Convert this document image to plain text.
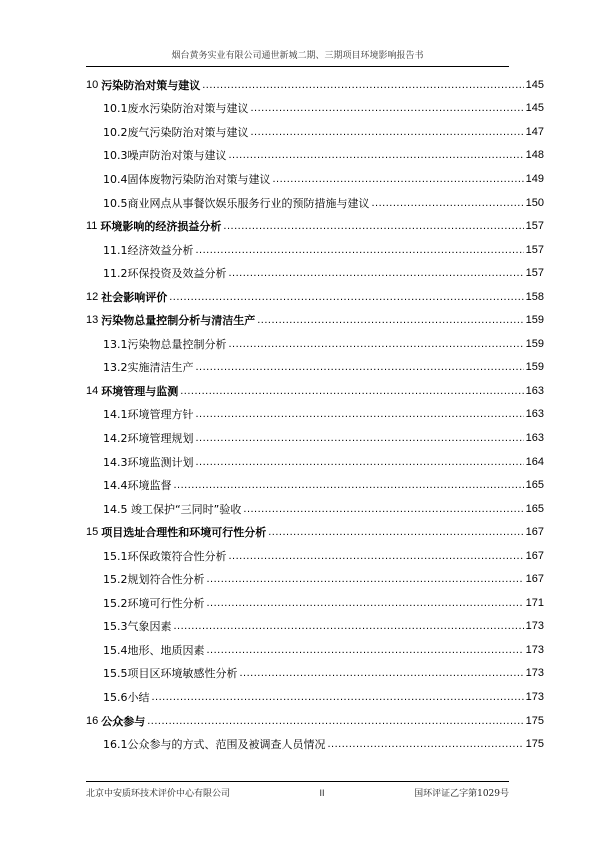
烟台黄务实业有限公司通世新城二期、三期项目环境影响报告书
10 污染防治对策与建议 .....	145
10.1废水污染防治对策与建议 .....	145
10.2废气污染防治对策与建议 .....	147
10.3噪声防治对策与建议 .....	148
10.4固体废物污染防治对策与建议 .....	149
10.5商业网点从事餐饮娱乐服务行业的预防措施与建议 .....	150
11 环境影响的经济损益分析 .....	157
11.1经济效益分析 .....	157
11.2环保投资及效益分析 .....	157
12 社会影响评价 .....	158
13 污染物总量控制分析与清洁生产 .....	159
13.1污染物总量控制分析 .....	159
13.2实施清洁生产 .....	159
14 环境管理与监测 .....	163
14.1环境管理方针 .....	163
14.2环境管理规划 .....	163
14.3环境监测计划 .....	164
14.4环境监督 .....	165
14.5 竣工保护“三同时”验收 .....	165
15 项目选址合理性和环境可行性分析 .....	167
15.1环保政策符合性分析 .....	167
15.2规划符合性分析 .....	167
15.2环境可行性分析 .....	171
15.3气象因素 .....	173
15.4地形、地质因素 .....	173
15.5项目区环境敏感性分析 .....	173
15.6小结 .....	173
16 公众参与 .....	175
16.1公众参与的方式、范围及被调查人员情况 .....	175
北京中安质环技术评价中心有限公司	II	国环评证乙字第1029号
